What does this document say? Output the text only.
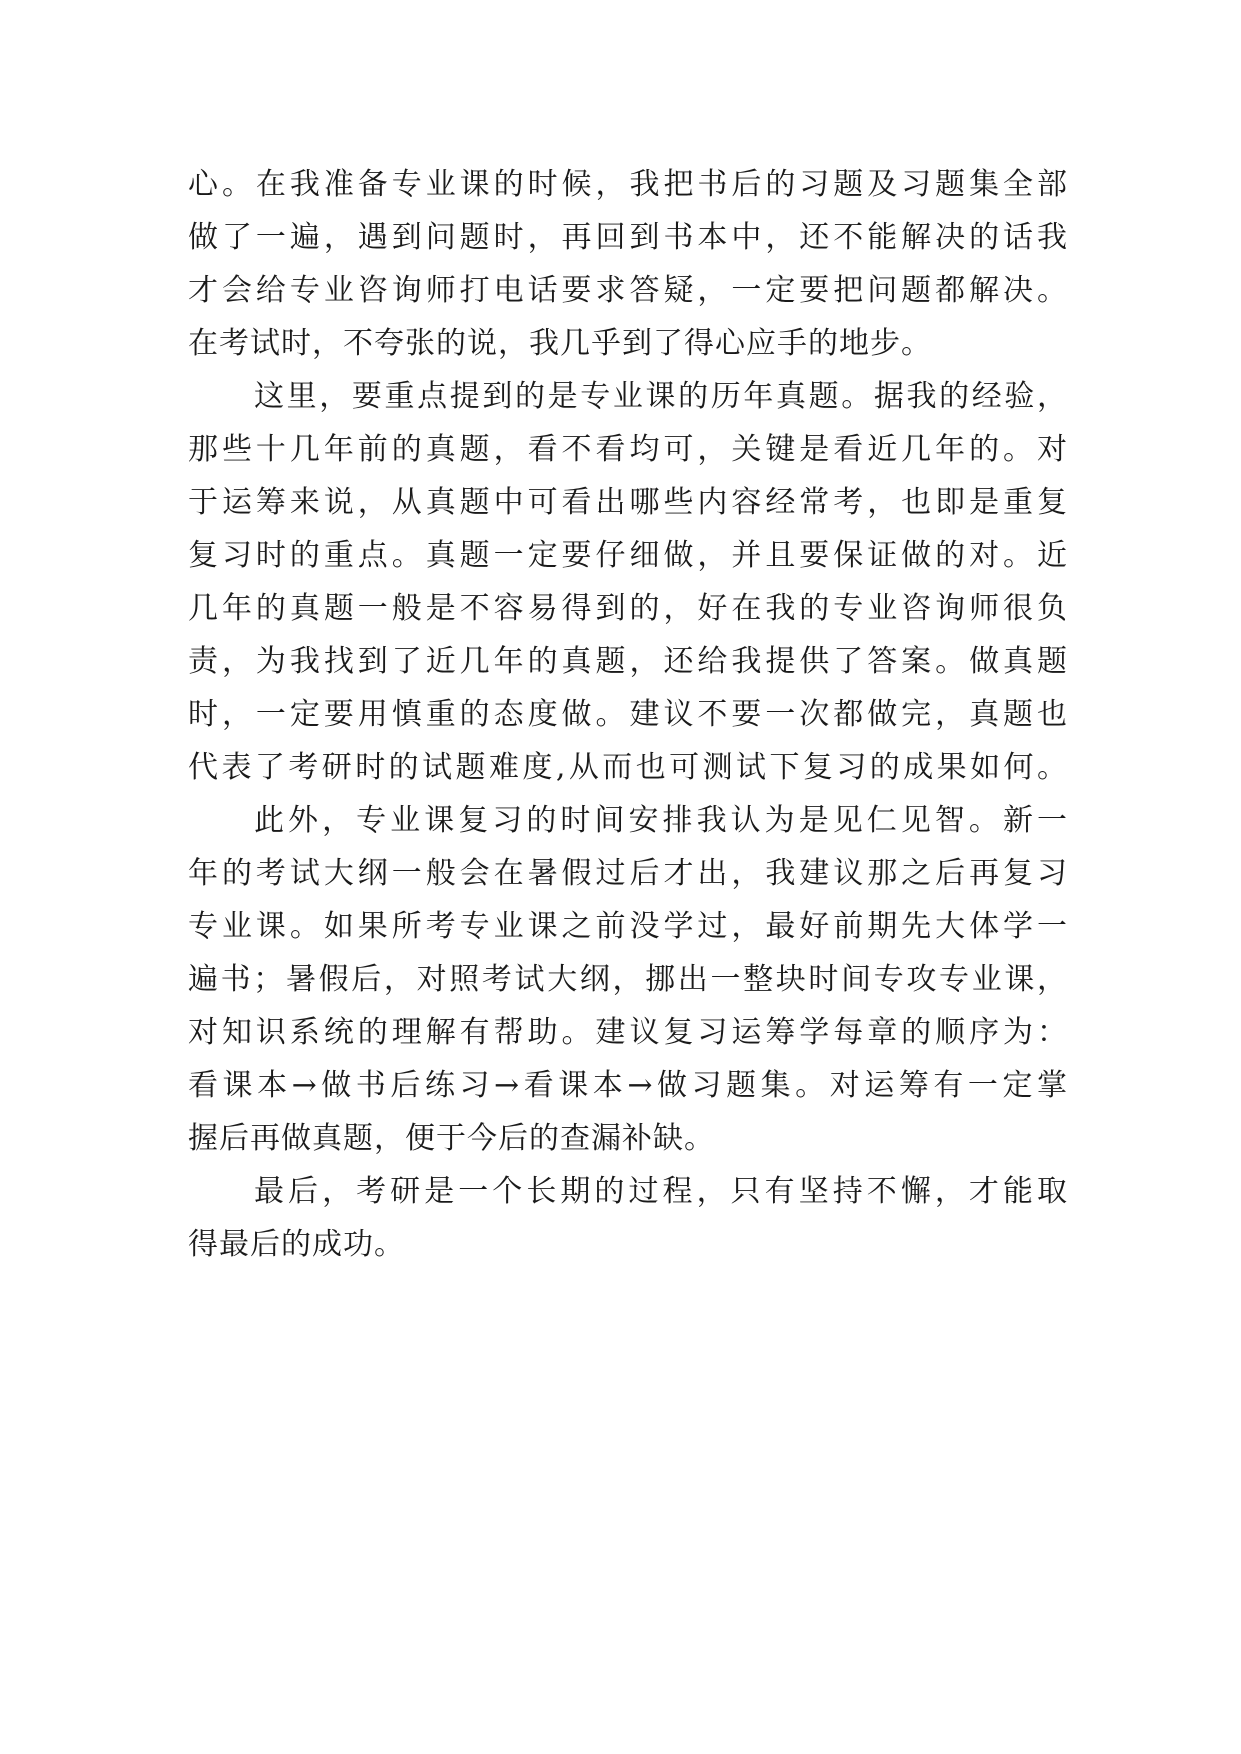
心。在我准备专业课的时候，我把书后的习题及习题集全部
做了一遍，遇到问题时，再回到书本中，还不能解决的话我
才会给专业咨询师打电话要求答疑，一定要把问题都解决。
在考试时，不夸张的说，我几乎到了得心应手的地步。
这里，要重点提到的是专业课的历年真题。据我的经验，
那些十几年前的真题，看不看均可，关键是看近几年的。对
于运筹来说，从真题中可看出哪些内容经常考，也即是重复
复习时的重点。真题一定要仔细做，并且要保证做的对。近
几年的真题一般是不容易得到的，好在我的专业咨询师很负
责，为我找到了近几年的真题，还给我提供了答案。做真题
时，一定要用慎重的态度做。建议不要一次都做完，真题也
代表了考研时的试题难度,从而也可测试下复习的成果如何。
此外，专业课复习的时间安排我认为是见仁见智。新一
年的考试大纲一般会在暑假过后才出，我建议那之后再复习
专业课。如果所考专业课之前没学过，最好前期先大体学一
遍书；暑假后，对照考试大纲，挪出一整块时间专攻专业课，
对知识系统的理解有帮助。建议复习运筹学每章的顺序为：
看课本→做书后练习→看课本→做习题集。对运筹有一定掌
握后再做真题，便于今后的查漏补缺。
最后，考研是一个长期的过程，只有坚持不懈，才能取
得最后的成功。
